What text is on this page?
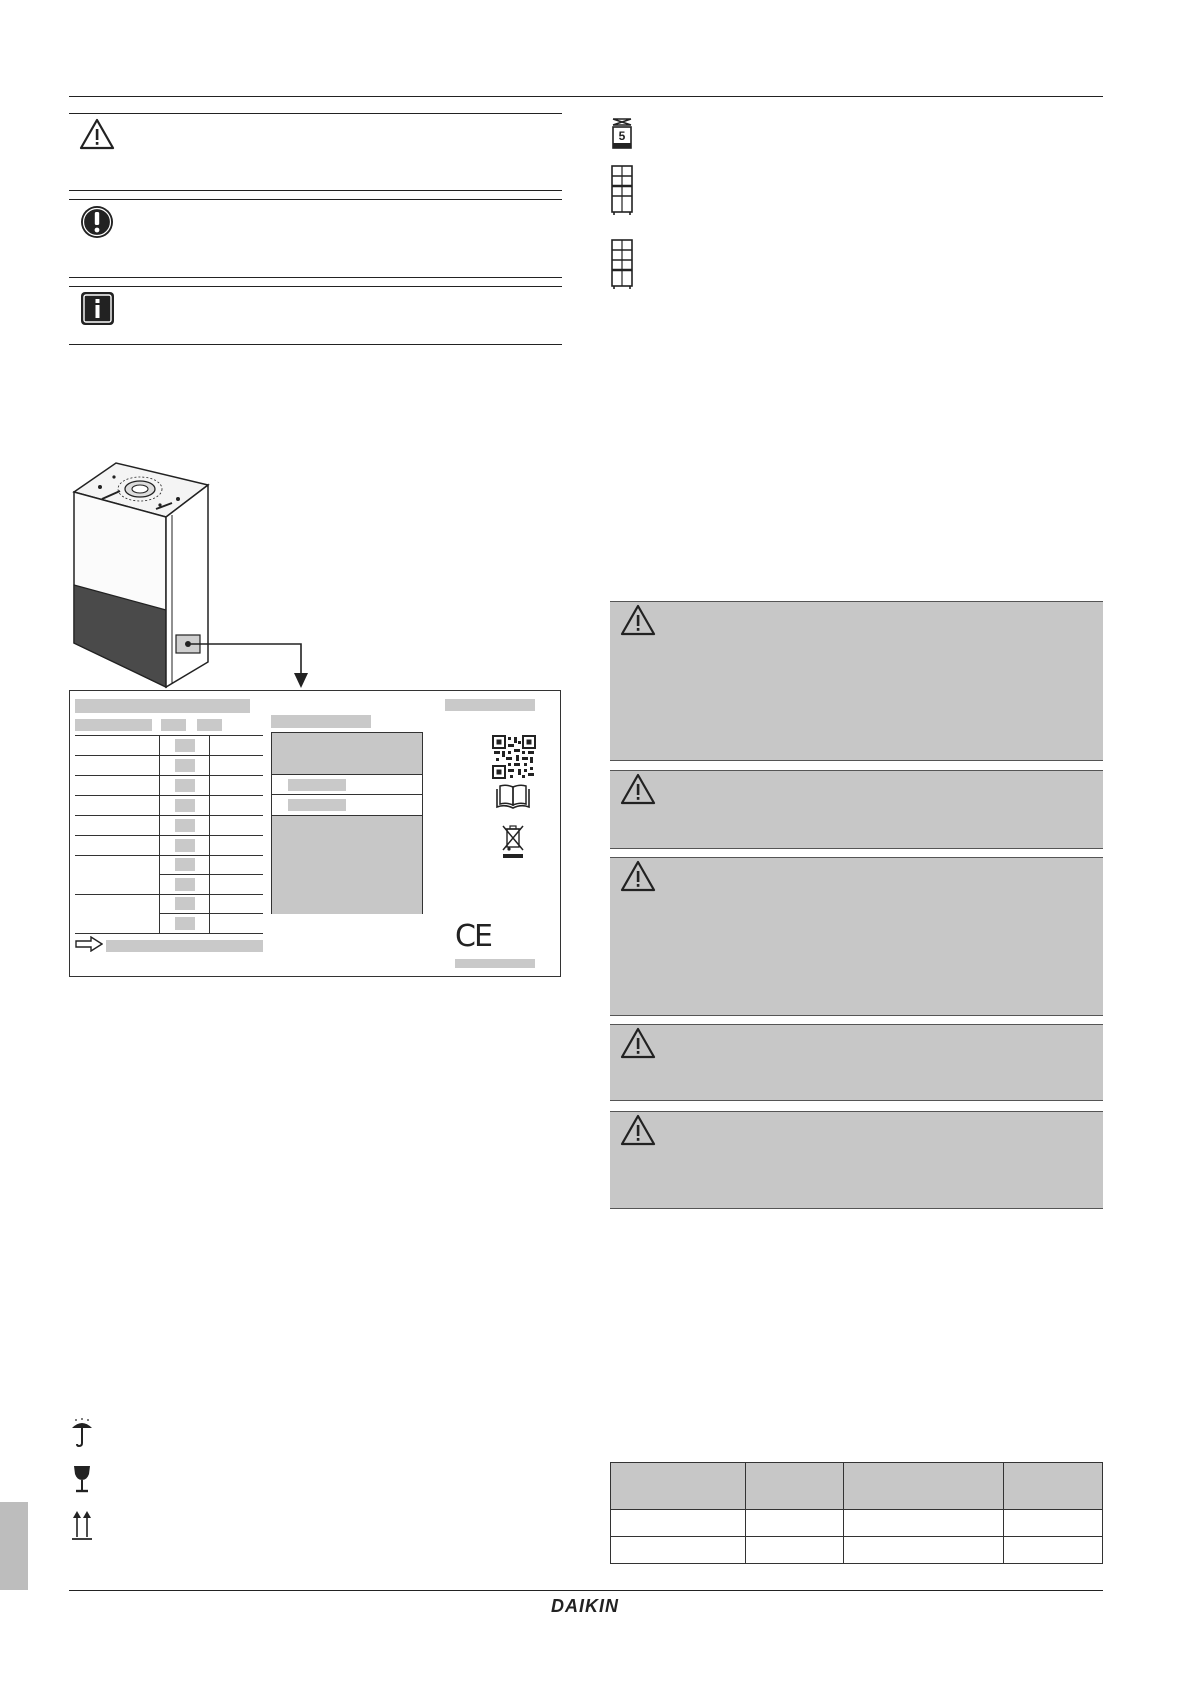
5
CE

DAIKIN
